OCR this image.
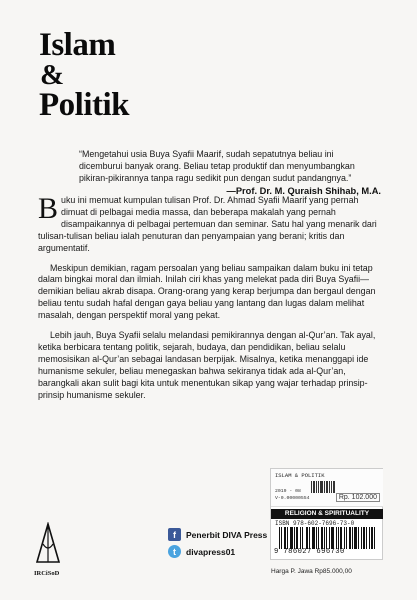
Islam
&
Politik
“Mengetahui usia Buya Syafii Maarif, sudah sepatutnya beliau ini dicemburui banyak orang. Beliau tetap produktif dan menyumbangkan pikiran-pikirannya tanpa ragu sedikit pun dengan sudut pandangnya.”
—Prof. Dr. M. Quraish Shihab, M.A.

Buku ini memuat kumpulan tulisan Prof. Dr. Ahmad Syafii Maarif yang pernah dimuat di pelbagai media massa, dan beberapa makalah yang pernah disampaikannya di pelbagai pertemuan dan seminar. Satu hal yang menarik dari tulisan-tulisan beliau ialah penuturan dan penyampaian yang berani; kritis dan argumentatif.

Meskipun demikian, ragam persoalan yang beliau sampaikan dalam buku ini tetap dalam bingkai moral dan ilmiah. Inilah ciri khas yang melekat pada diri Buya Syafii—demikian beliau akrab disapa. Orang-orang yang kerap berjumpa dan bergaul dengan beliau tentu sudah hafal dengan gaya beliau yang lantang dan lugas dalam melihat masalah, dengan perspektif moral yang pekat.

Lebih jauh, Buya Syafii selalu melandasi pemikirannya dengan al-Qur’an. Tak ayal, ketika berbicara tentang politik, sejarah, budaya, dan pendidikan, beliau selalu memosisikan al-Qur’an sebagai landasan berpijak. Misalnya, ketika menanggapi ide humanisme sekuler, beliau menegaskan bahwa sekiranya tidak ada al-Qur’an, barangkali akan sulit bagi kita untuk menentukan sikap yang wajar terhadap prinsip-prinsip humanisme sekuler.

IRCiSoD
f	Penerbit DIVA Press
t	divapress01
ISLAM & POLITIK
2019 - 08
V-0.00000554	Rp. 102.000
RELIGION & SPIRITUALITY
ISBN 978-602-7696-73-0
9 786027 696730
Harga P. Jawa Rp85.000,00
